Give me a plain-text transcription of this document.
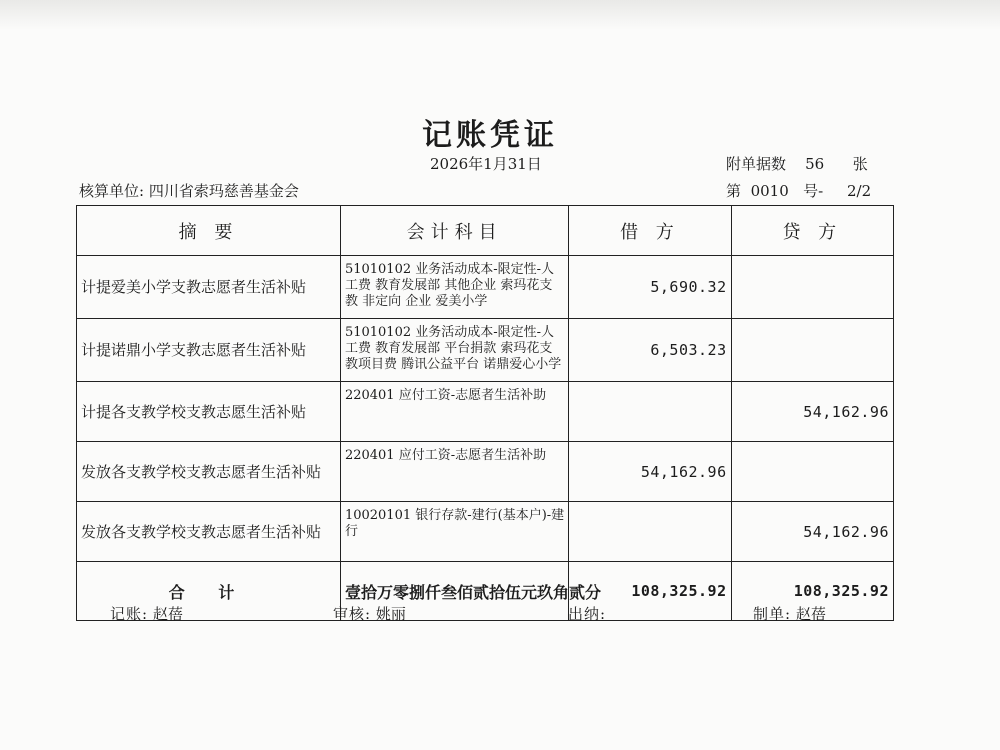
记账凭证
2026年1月31日	附单据数 56 张
核算单位: 四川省索玛慈善基金会	第 0010 号- 2/2
摘 要	会计科目	借 方	贷 方
计提爱美小学支教志愿者生活补贴	51010102 业务活动成本-限定性-人工费 教育发展部 其他企业 索玛花支教 非定向 企业 爱美小学	5,690.32	
计提诺鼎小学支教志愿者生活补贴	51010102 业务活动成本-限定性-人工费 教育发展部 平台捐款 索玛花支教项目费 腾讯公益平台 诺鼎爱心小学	6,503.23	
计提各支教学校支教志愿生活补贴	220401 应付工资-志愿者生活补助		54,162.96
发放各支教学校支教志愿者生活补贴	220401 应付工资-志愿者生活补助	54,162.96	
发放各支教学校支教志愿者生活补贴	10020101 银行存款-建行(基本户)-建行		54,162.96
合 计	壹拾万零捌仟叁佰贰拾伍元玖角贰分	108,325.92	108,325.92
记账: 赵蓓	审核: 姚丽	出纳:	制单: 赵蓓
